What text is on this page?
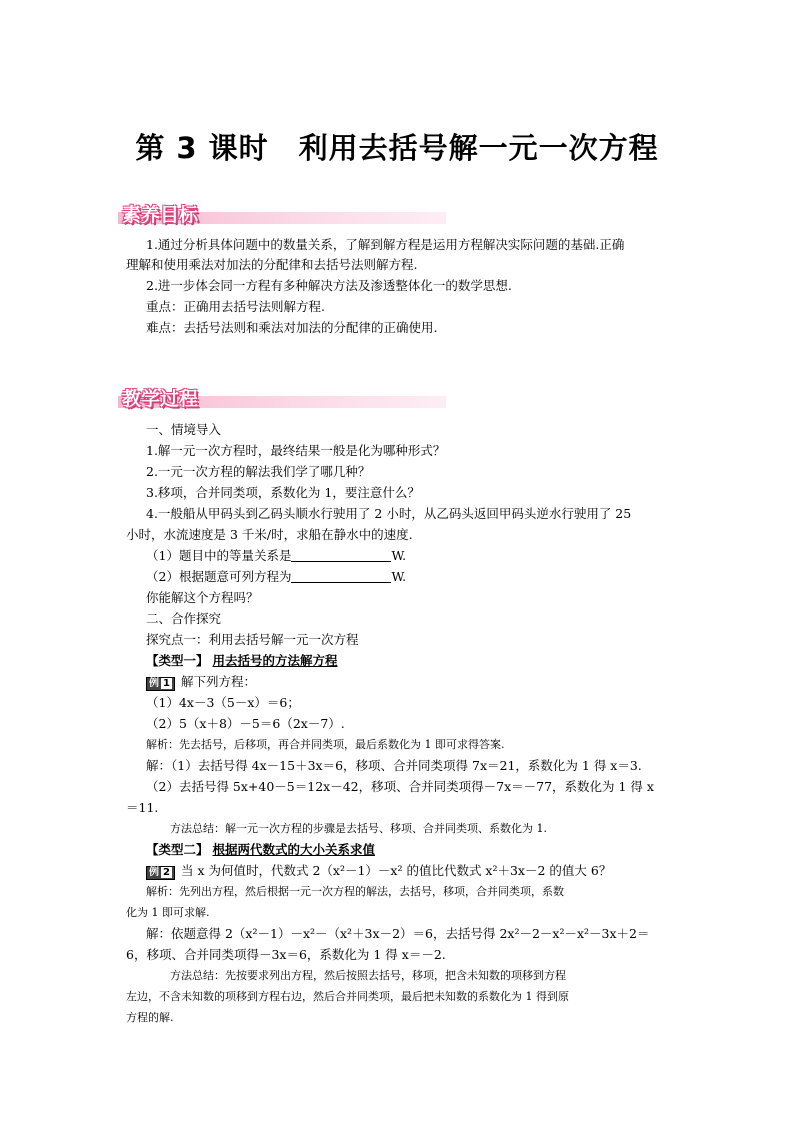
第 3 课时　利用去括号解一元一次方程
素养目标
1.通过分析具体问题中的数量关系，了解到解方程是运用方程解决实际问题的基础.正确
理解和使用乘法对加法的分配律和去括号法则解方程.
2.进一步体会同一方程有多种解决方法及渗透整体化一的数学思想.
重点：正确用去括号法则解方程.
难点：去括号法则和乘法对加法的分配律的正确使用.
教学过程
一、情境导入
1.解一元一次方程时，最终结果一般是化为哪种形式？
2.一元一次方程的解法我们学了哪几种？
3.移项，合并同类项，系数化为 1，要注意什么？
4.一般船从甲码头到乙码头顺水行驶用了 2 小时，从乙码头返回甲码头逆水行驶用了 25
小时，水流速度是 3 千米/时，求船在静水中的速度.
（1）题目中的等量关系是	W.
（2）根据题意可列方程为	W.
你能解这个方程吗？
二、合作探究
探究点一：利用去括号解一元一次方程
【类型一】 用去括号的方法解方程
例 1 解下列方程：
（1）4x－3（5－x）＝6；
（2）5（x＋8）－5＝6（2x－7）.
解析：先去括号，后移项，再合并同类项，最后系数化为 1 即可求得答案.
解：（1）去括号得 4x－15＋3x＝6，移项、合并同类项得 7x＝21，系数化为 1 得 x＝3.
（2）去括号得 5x+40－5＝12x－42，移项、合并同类项得－7x＝－77，系数化为 1 得 x
＝11.
方法总结：解一元一次方程的步骤是去括号、移项、合并同类项、系数化为 1.
【类型二】 根据两代数式的大小关系求值
例 2 当 x 为何值时，代数式 2（x²－1）－x² 的值比代数式 x²＋3x－2 的值大 6？
解析：先列出方程，然后根据一元一次方程的解法，去括号，移项，合并同类项，系数
化为 1 即可求解.
解：依题意得 2（x²－1）－x²－（x²＋3x－2）＝6，去括号得 2x²－2－x²－x²－3x＋2＝
6，移项、合并同类项得－3x＝6，系数化为 1 得 x＝－2.
方法总结：先按要求列出方程，然后按照去括号，移项，把含未知数的项移到方程
左边，不含未知数的项移到方程右边，然后合并同类项，最后把未知数的系数化为 1 得到原
方程的解.
